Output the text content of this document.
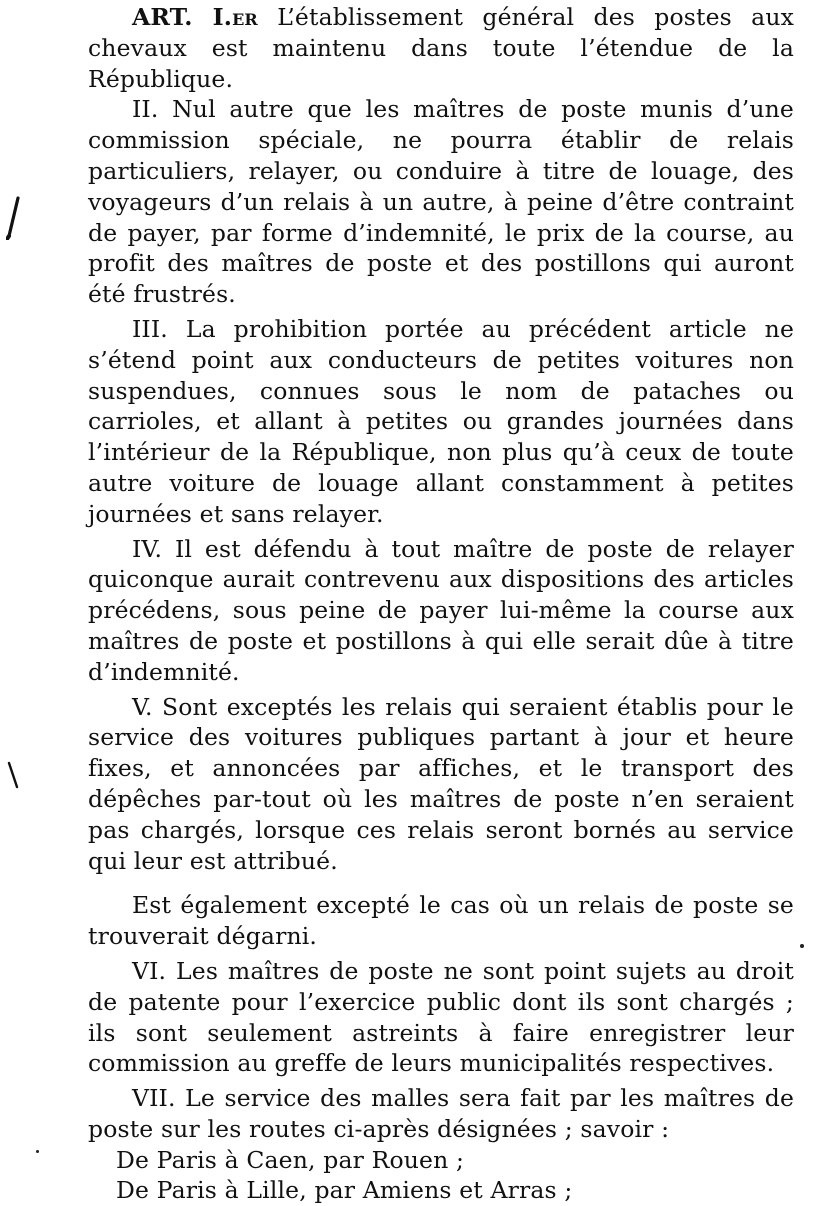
ART. I.er L’établissement général des postes aux chevaux est maintenu dans toute l’étendue de la République.

II. Nul autre que les maîtres de poste munis d’une commission spéciale, ne pourra établir de relais particuliers, relayer, ou conduire à titre de louage, des voyageurs d’un relais à un autre, à peine d’être contraint de payer, par forme d’indemnité, le prix de la course, au profit des maîtres de poste et des postillons qui auront été frustrés.

III. La prohibition portée au précédent article ne s’étend point aux conducteurs de petites voitures non suspendues, connues sous le nom de pataches ou carrioles, et allant à petites ou grandes journées dans l’intérieur de la République, non plus qu’à ceux de toute autre voiture de louage allant constamment à petites journées et sans relayer.

IV. Il est défendu à tout maître de poste de relayer quiconque aurait contrevenu aux dispositions des articles précédens, sous peine de payer lui-même la course aux maîtres de poste et postillons à qui elle serait dûe à titre d’indemnité.

V. Sont exceptés les relais qui seraient établis pour le service des voitures publiques partant à jour et heure fixes, et annoncées par affiches, et le transport des dépêches par-tout où les maîtres de poste n’en seraient pas chargés, lorsque ces relais seront bornés au service qui leur est attribué.

Est également excepté le cas où un relais de poste se trouverait dégarni.

VI. Les maîtres de poste ne sont point sujets au droit de patente pour l’exercice public dont ils sont chargés ; ils sont seulement astreints à faire enregistrer leur commission au greffe de leurs municipalités respectives.

VII. Le service des malles sera fait par les maîtres de poste sur les routes ci-après désignées ; savoir :

De Paris à Caen, par Rouen ;

De Paris à Lille, par Amiens et Arras ;
